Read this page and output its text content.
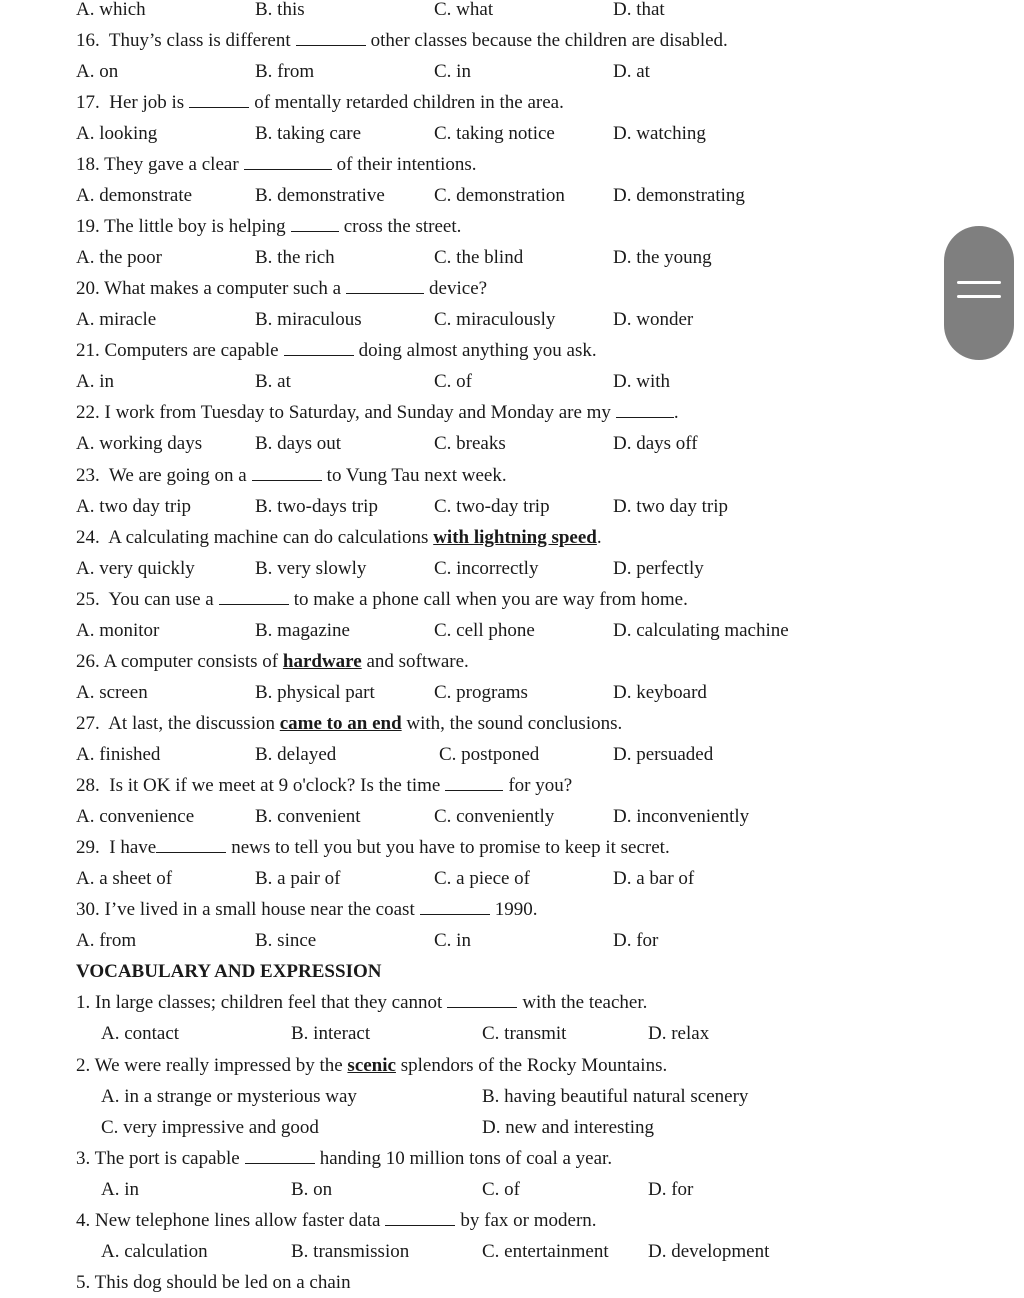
A. which	B. this	C. what	D. that
16. Thuy’s class is different	other classes because the children are disabled.
A. on	B. from	C. in	D. at
17. Her job is	of mentally retarded children in the area.
A. looking	B. taking care	C. taking notice	D. watching
18. They gave a clear	of their intentions.
A. demonstrate	B. demonstrative	C. demonstration	D. demonstrating
19. The little boy is helping	cross the street.
A. the poor	B. the rich	C. the blind	D. the young
20. What makes a computer such a	device?
A. miracle	B. miraculous	C. miraculously	D. wonder
21. Computers are capable	doing almost anything you ask.
A. in	B. at	C. of	D. with
22. I work from Tuesday to Saturday, and Sunday and Monday are my	.
A. working days	B. days out	C. breaks	D. days off
23. We are going on a	to Vung Tau next week.
A. two day trip	B. two-days trip	C. two-day trip	D. two day trip
24. A calculating machine can do calculations with lightning speed.
A. very quickly	B. very slowly	C. incorrectly	D. perfectly
25. You can use a	to make a phone call when you are way from home.
A. monitor	B. magazine	C. cell phone	D. calculating machine
26. A computer consists of hardware and software.
A. screen	B. physical part	C. programs	D. keyboard
27. At last, the discussion came to an end with, the sound conclusions.
A. finished	B. delayed	C. postponed	D. persuaded
28. Is it OK if we meet at 9 o'clock? Is the time	for you?
A. convenience	B. convenient	C. conveniently	D. inconveniently
29. I have	news to tell you but you have to promise to keep it secret.
A. a sheet of	B. a pair of	C. a piece of	D. a bar of
30. I’ve lived in a small house near the coast	1990.
A. from	B. since	C. in	D. for
VOCABULARY AND EXPRESSION
1. In large classes; children feel that they cannot	with the teacher.
A. contact	B. interact	C. transmit	D. relax
2. We were really impressed by the scenic splendors of the Rocky Mountains.
A. in a strange or mysterious way	B. having beautiful natural scenery
C. very impressive and good	D. new and interesting
3. The port is capable	handing 10 million tons of coal a year.
A. in	B. on	C. of	D. for
4. New telephone lines allow faster data	by fax or modern.
A. calculation	B. transmission	C. entertainment D. development
5. This dog should be led on a chain
